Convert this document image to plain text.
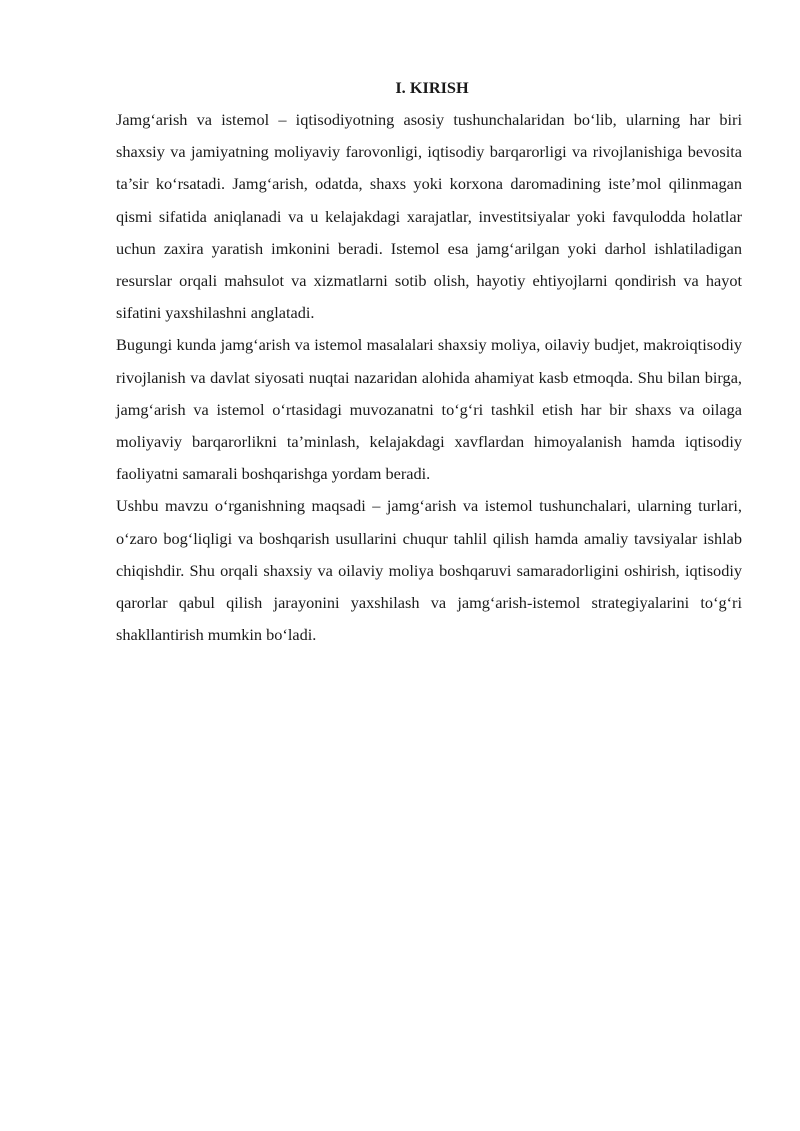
I. KIRISH

Jamg‘arish va istemol – iqtisodiyotning asosiy tushunchalaridan bo‘lib, ularning har biri shaxsiy va jamiyatning moliyaviy farovonligi, iqtisodiy barqarorligi va rivojlanishiga bevosita ta’sir ko‘rsatadi. Jamg‘arish, odatda, shaxs yoki korxona daromadining iste’mol qilinmagan qismi sifatida aniqlanadi va u kelajakdagi xarajatlar, investitsiyalar yoki favqulodda holatlar uchun zaxira yaratish imkonini beradi. Istemol esa jamg‘arilgan yoki darhol ishlatiladigan resurslar orqali mahsulot va xizmatlarni sotib olish, hayotiy ehtiyojlarni qondirish va hayot sifatini yaxshilashni anglatadi.

Bugungi kunda jamg‘arish va istemol masalalari shaxsiy moliya, oilaviy budjet, makroiqtisodiy rivojlanish va davlat siyosati nuqtai nazaridan alohida ahamiyat kasb etmoqda. Shu bilan birga, jamg‘arish va istemol o‘rtasidagi muvozanatni to‘g‘ri tashkil etish har bir shaxs va oilaga moliyaviy barqarorlikni ta’minlash, kelajakdagi xavflardan himoyalanish hamda iqtisodiy faoliyatni samarali boshqarishga yordam beradi.

Ushbu mavzu o‘rganishning maqsadi – jamg‘arish va istemol tushunchalari, ularning turlari, o‘zaro bog‘liqligi va boshqarish usullarini chuqur tahlil qilish hamda amaliy tavsiyalar ishlab chiqishdir. Shu orqali shaxsiy va oilaviy moliya boshqaruvi samaradorligini oshirish, iqtisodiy qarorlar qabul qilish jarayonini yaxshilash va jamg‘arish-istemol strategiyalarini to‘g‘ri shakllantirish mumkin bo‘ladi.
